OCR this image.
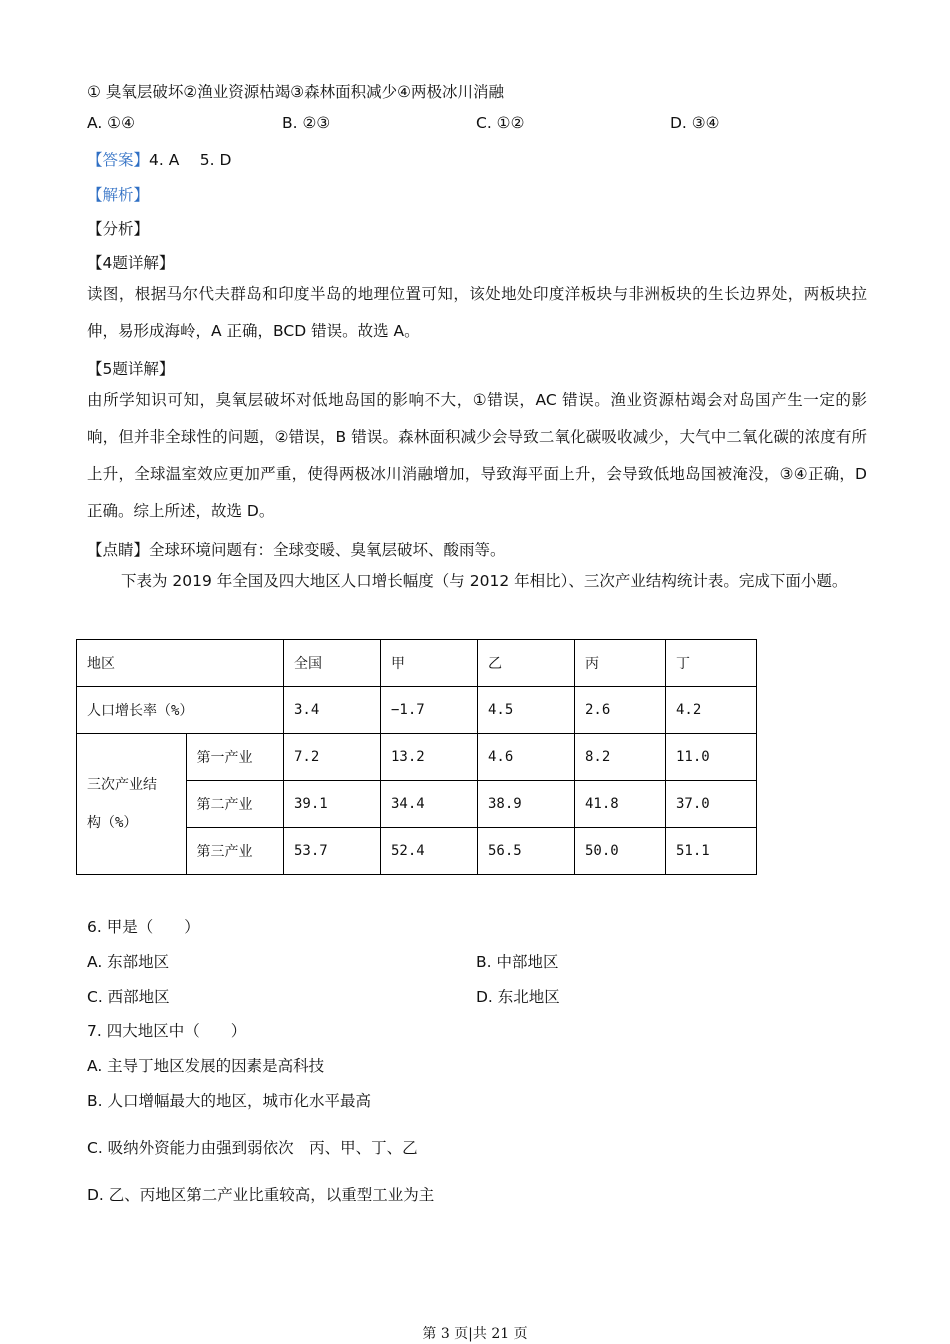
① 臭氧层破坏②渔业资源枯竭③森林面积减少④两极冰川消融
A. ①④	B. ②③	C. ①②	D. ③④
【答案】4. A　 5. D
【解析】
【分析】
【4题详解】
读图，根据马尔代夫群岛和印度半岛的地理位置可知，该处地处印度洋板块与非洲板块的生长边界处，两板块拉伸，易形成海岭，A 正确，BCD 错误。故选 A。
【5题详解】
由所学知识可知，臭氧层破坏对低地岛国的影响不大，①错误，AC 错误。渔业资源枯竭会对岛国产生一定的影响，但并非全球性的问题，②错误，B 错误。森林面积减少会导致二氧化碳吸收减少，大气中二氧化碳的浓度有所上升，全球温室效应更加严重，使得两极冰川消融增加，导致海平面上升，会导致低地岛国被淹没，③④正确，D 正确。综上所述，故选 D。
【点睛】全球环境问题有：全球变暖、臭氧层破坏、酸雨等。
下表为 2019 年全国及四大地区人口增长幅度（与 2012 年相比）、三次产业结构统计表。完成下面小题。
地区		全国	甲	乙	丙	丁
人口增长率（%）		3.4	−1.7	4.5	2.6	4.2

三次产业结
构（%）	第一产业	7.2	13.2	4.6	8.2	11.0
	第二产业	39.1	34.4	38.9	41.8	37.0
	第三产业	53.7	52.4	56.5	50.0	51.1
6. 甲是（　　）
A. 东部地区	B. 中部地区
C. 西部地区	D. 东北地区
7. 四大地区中（　　）
A. 主导丁地区发展的因素是高科技
B. 人口增幅最大的地区，城市化水平最高
C. 吸纳外资能力由强到弱依次　丙、甲、丁、乙
D. 乙、丙地区第二产业比重较高，以重型工业为主
第 3 页|共 21 页
